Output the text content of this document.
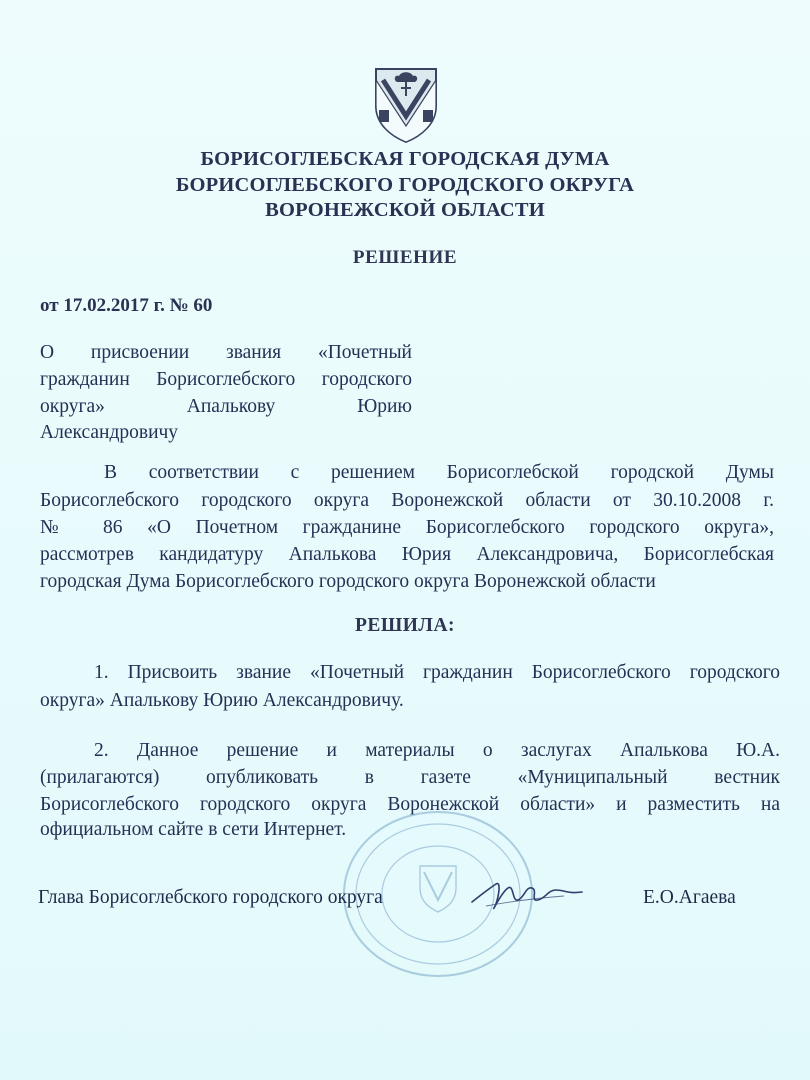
БОРИСОГЛЕБСКАЯ ГОРОДСКАЯ ДУМА
БОРИСОГЛЕБСКОГО ГОРОДСКОГО ОКРУГА
ВОРОНЕЖСКОЙ ОБЛАСТИ
РЕШЕНИЕ
от 17.02.2017 г. № 60
О присвоении звания «Почетный
гражданин Борисоглебского городского
округа» Апалькову Юрию
Александровичу
В соответствии с решением Борисоглебской городской Думы
Борисоглебского городского округа Воронежской области от 30.10.2008 г.
№ 86 «О Почетном гражданине Борисоглебского городского округа»,
рассмотрев кандидатуру Апалькова Юрия Александровича, Борисоглебская
городская Дума Борисоглебского городского округа Воронежской области
РЕШИЛА:
1. Присвоить звание «Почетный гражданин Борисоглебского городского
округа» Апалькову Юрию Александровичу.
2. Данное решение и материалы о заслугах Апалькова Ю.А.
(прилагаются) опубликовать в газете «Муниципальный вестник
Борисоглебского городского округа Воронежской области» и разместить на
официальном сайте в сети Интернет.
Глава Борисоглебского городского округа	Е.О.Агаева
